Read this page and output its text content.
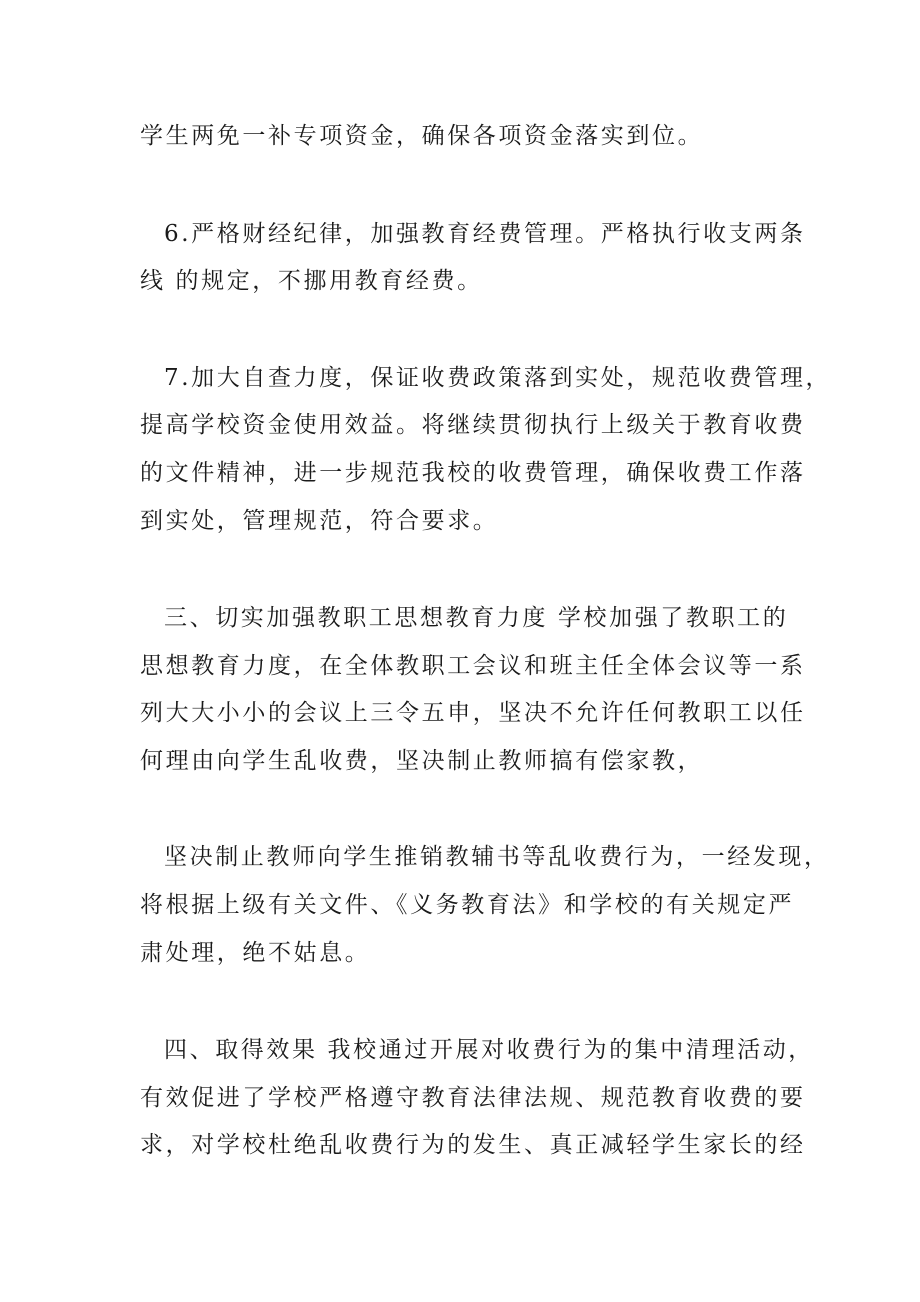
学生两免一补专项资金，确保各项资金落实到位。

6.严格财经纪律，加强教育经费管理。严格执行收支两条

线 的规定，不挪用教育经费。

7.加大自查力度，保证收费政策落到实处，规范收费管理，

提高学校资金使用效益。将继续贯彻执行上级关于教育收费

的文件精神，进一步规范我校的收费管理，确保收费工作落

到实处，管理规范，符合要求。

三、切实加强教职工思想教育力度 学校加强了教职工的

思想教育力度，在全体教职工会议和班主任全体会议等一系

列大大小小的会议上三令五申，坚决不允许任何教职工以任

何理由向学生乱收费，坚决制止教师搞有偿家教，

坚决制止教师向学生推销教辅书等乱收费行为，一经发现，

将根据上级有关文件、《义务教育法》和学校的有关规定严

肃处理，绝不姑息。

四、取得效果 我校通过开展对收费行为的集中清理活动，

有效促进了学校严格遵守教育法律法规、规范教育收费的要

求，对学校杜绝乱收费行为的发生、真正减轻学生家长的经
